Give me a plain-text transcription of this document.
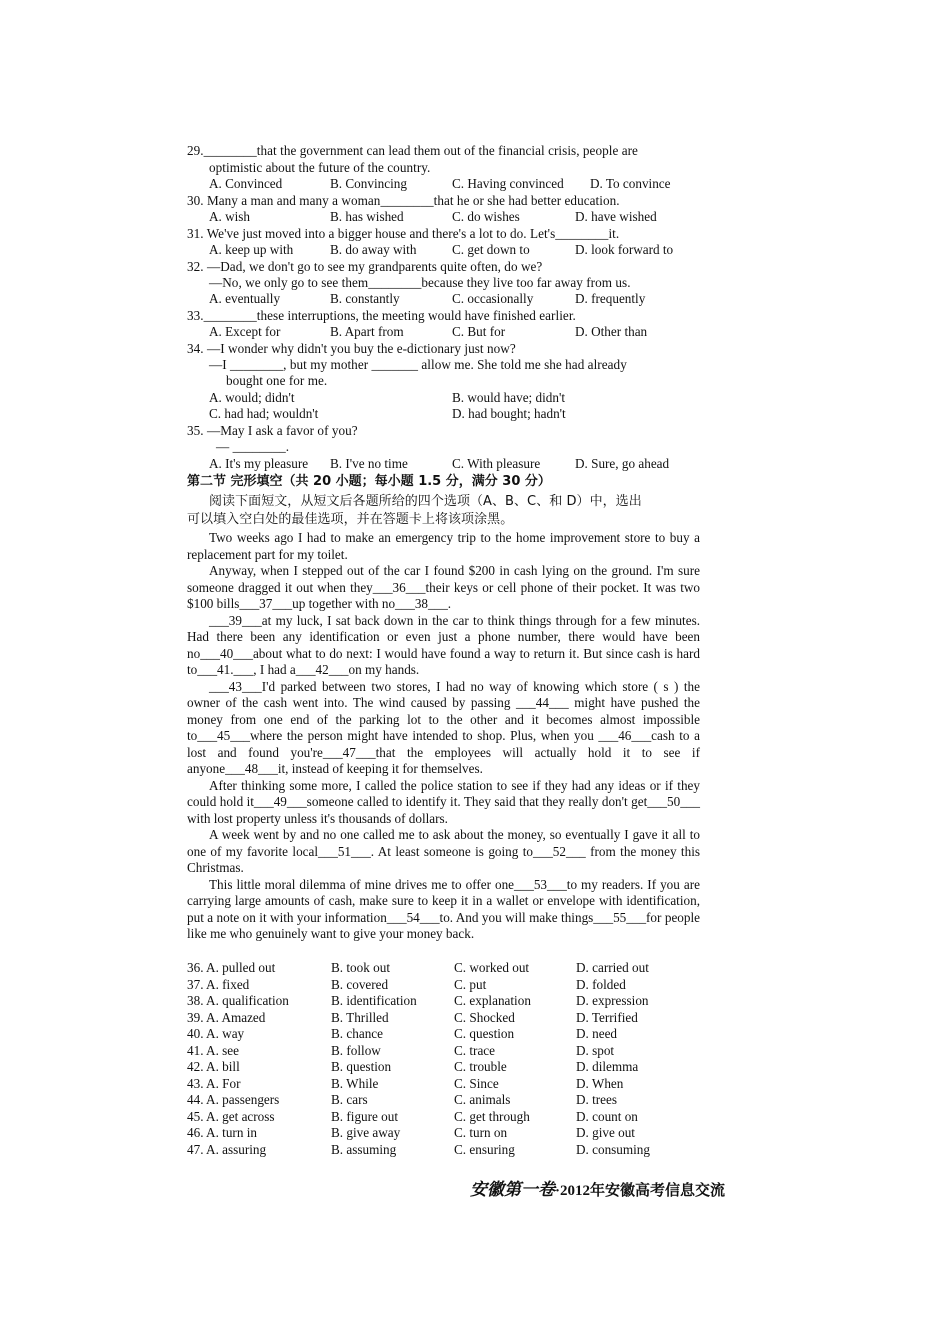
29.________that the government can lead them out of the financial crisis, people are
optimistic about the future of the country.
A. Convinced	B. Convincing	C. Having convinced D. To convince
30. Many a man and many a woman________that he or she had better education.
A. wish	B. has wished	C. do wishes	D. have wished
31. We've just moved into a bigger house and there's a lot to do. Let's________it.
A. keep up with	B. do away with	C. get down to	D. look forward to
32. —Dad, we don't go to see my grandparents quite often, do we?
—No, we only go to see them________because they live too far away from us.
A. eventually	B. constantly	C. occasionally	D. frequently
33.________these interruptions, the meeting would have finished earlier.
A. Except for	B. Apart from	C. But for	D. Other than
34. —I wonder why didn't you buy the e-dictionary just now?
—I ________, but my mother _______ allow me. She told me she had already
bought one for me.
A. would; didn't	B. would have; didn't
C. had had; wouldn't	D. had bought; hadn't
35. —May I ask a favor of you?
— ________.
A. It's my pleasure B. I've no time	C. With pleasure	D. Sure, go ahead
第二节 完形填空（共 20 小题；每小题 1.5 分，满分 30 分）
阅读下面短文，从短文后各题所给的四个选项（A、B、C、和 D）中，选出
可以填入空白处的最佳选项，并在答题卡上将该项涂黑。

Two weeks ago I had to make an emergency trip to the home improvement store to buy a replacement part for my toilet.

Anyway, when I stepped out of the car I found $200 in cash lying on the ground. I'm sure someone dragged it out when they___36___their keys or cell phone of their pocket. It was two $100 bills___37___up together with no___38___.

___39___at my luck, I sat back down in the car to think things through for a few minutes. Had there been any identification or even just a phone number, there would have been no___40___about what to do next: I would have found a way to return it. But since cash is hard to___41.___, I had a___42___on my hands.

___43___I'd parked between two stores, I had no way of knowing which store ( s ) the owner of the cash went into. The wind caused by passing ___44___ might have pushed the money from one end of the parking lot to the other and it becomes almost impossible to___45___where the person might have intended to shop. Plus, when you ___46___cash to a lost and found you're___47___that the employees will actually hold it to see if anyone___48___it, instead of keeping it for themselves.

After thinking some more, I called the police station to see if they had any ideas or if they could hold it___49___someone called to identify it. They said that they really don't get___50___ with lost property unless it's thousands of dollars.

A week went by and no one called me to ask about the money, so eventually I gave it all to one of my favorite local___51___. At least someone is going to___52___ from the money this Christmas.

This little moral dilemma of mine drives me to offer one___53___to my readers. If you are carrying large amounts of cash, make sure to keep it in a wallet or envelope with identification, put a note on it with your information___54___to. And you will make things___55___for people like me who genuinely want to give your money back.

36. A. pulled out	B. took out	C. worked out	D. carried out
37. A. fixed	B. covered	C. put	D. folded
38. A. qualification	B. identification	C. explanation	D. expression
39. A. Amazed	B. Thrilled	C. Shocked	D. Terrified
40. A. way	B. chance	C. question	D. need
41. A. see	B. follow	C. trace	D. spot
42. A. bill	B. question	C. trouble	D. dilemma
43. A. For	B. While	C. Since	D. When
44. A. passengers	B. cars	C. animals	D. trees
45. A. get across	B. figure out	C. get through	D. count on
46. A. turn in	B. give away	C. turn on	D. give out
47. A. assuring	B. assuming	C. ensuring	D. consuming
安徽第一卷·2012年安徽高考信息交流
